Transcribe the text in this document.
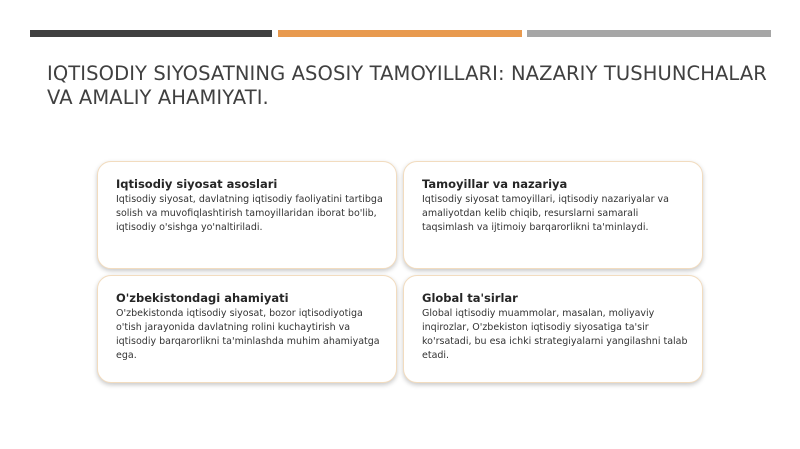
IQTISODIY SIYOSATNING ASOSIY TAMOYILLARI: NAZARIY TUSHUNCHALAR VA AMALIY AHAMIYATI.
Iqtisodiy siyosat asoslari

Iqtisodiy siyosat, davlatning iqtisodiy faoliyatini tartibga solish va muvofiqlashtirish tamoyillaridan iborat bo'lib, iqtisodiy o'sishga yo'naltiriladi.

Tamoyillar va nazariya

Iqtisodiy siyosat tamoyillari, iqtisodiy nazariyalar va amaliyotdan kelib chiqib, resurslarni samarali taqsimlash va ijtimoiy barqarorlikni ta'minlaydi.

O'zbekistondagi ahamiyati

O'zbekistonda iqtisodiy siyosat, bozor iqtisodiyotiga o'tish jarayonida davlatning rolini kuchaytirish va iqtisodiy barqarorlikni ta'minlashda muhim ahamiyatga ega.

Global ta'sirlar

Global iqtisodiy muammolar, masalan, moliyaviy inqirozlar, O'zbekiston iqtisodiy siyosatiga ta'sir ko'rsatadi, bu esa ichki strategiyalarni yangilashni talab etadi.
